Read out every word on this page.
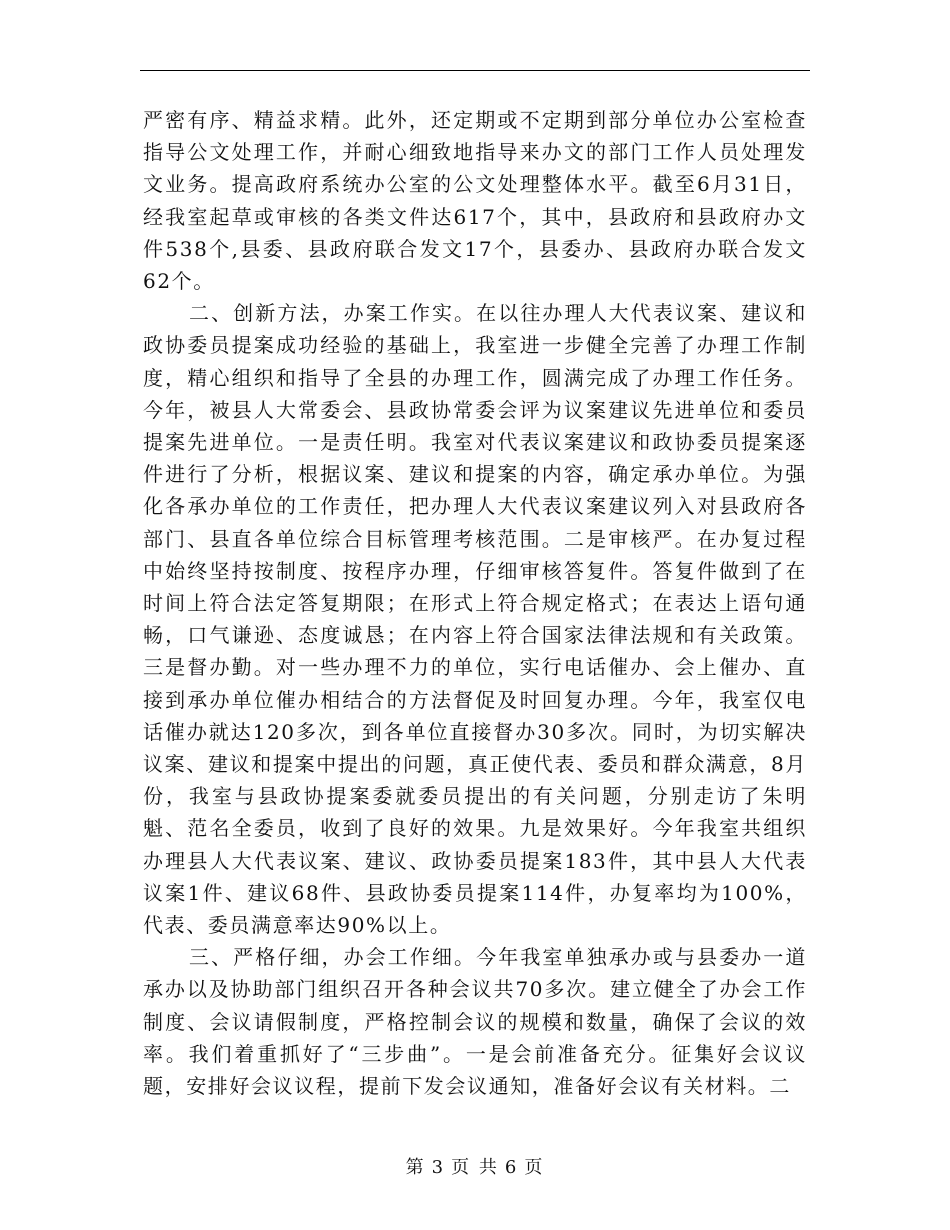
严密有序、精益求精。此外，还定期或不定期到部分单位办公室检查指导公文处理工作，并耐心细致地指导来办文的部门工作人员处理发文业务。提高政府系统办公室的公文处理整体水平。截至6月31日，经我室起草或审核的各类文件达617个，其中，县政府和县政府办文件538个,县委、县政府联合发文17个，县委办、县政府办联合发文62个。

二、创新方法，办案工作实。在以往办理人大代表议案、建议和政协委员提案成功经验的基础上，我室进一步健全完善了办理工作制度，精心组织和指导了全县的办理工作，圆满完成了办理工作任务。今年，被县人大常委会、县政协常委会评为议案建议先进单位和委员提案先进单位。一是责任明。我室对代表议案建议和政协委员提案逐件进行了分析，根据议案、建议和提案的内容，确定承办单位。为强化各承办单位的工作责任，把办理人大代表议案建议列入对县政府各部门、县直各单位综合目标管理考核范围。二是审核严。在办复过程中始终坚持按制度、按程序办理，仔细审核答复件。答复件做到了在时间上符合法定答复期限；在形式上符合规定格式；在表达上语句通畅，口气谦逊、态度诚恳；在内容上符合国家法律法规和有关政策。三是督办勤。对一些办理不力的单位，实行电话催办、会上催办、直接到承办单位催办相结合的方法督促及时回复办理。今年，我室仅电话催办就达120多次，到各单位直接督办30多次。同时，为切实解决议案、建议和提案中提出的问题，真正使代表、委员和群众满意，8月份，我室与县政协提案委就委员提出的有关问题，分别走访了朱明魁、范名全委员，收到了良好的效果。九是效果好。今年我室共组织办理县人大代表议案、建议、政协委员提案183件，其中县人大代表议案1件、建议68件、县政协委员提案114件，办复率均为100%，代表、委员满意率达90%以上。

三、严格仔细，办会工作细。今年我室单独承办或与县委办一道承办以及协助部门组织召开各种会议共70多次。建立健全了办会工作制度、会议请假制度，严格控制会议的规模和数量，确保了会议的效率。我们着重抓好了“三步曲”。一是会前准备充分。征集好会议议题，安排好会议议程，提前下发会议通知，准备好会议有关材料。二

第 3 页 共 6 页
